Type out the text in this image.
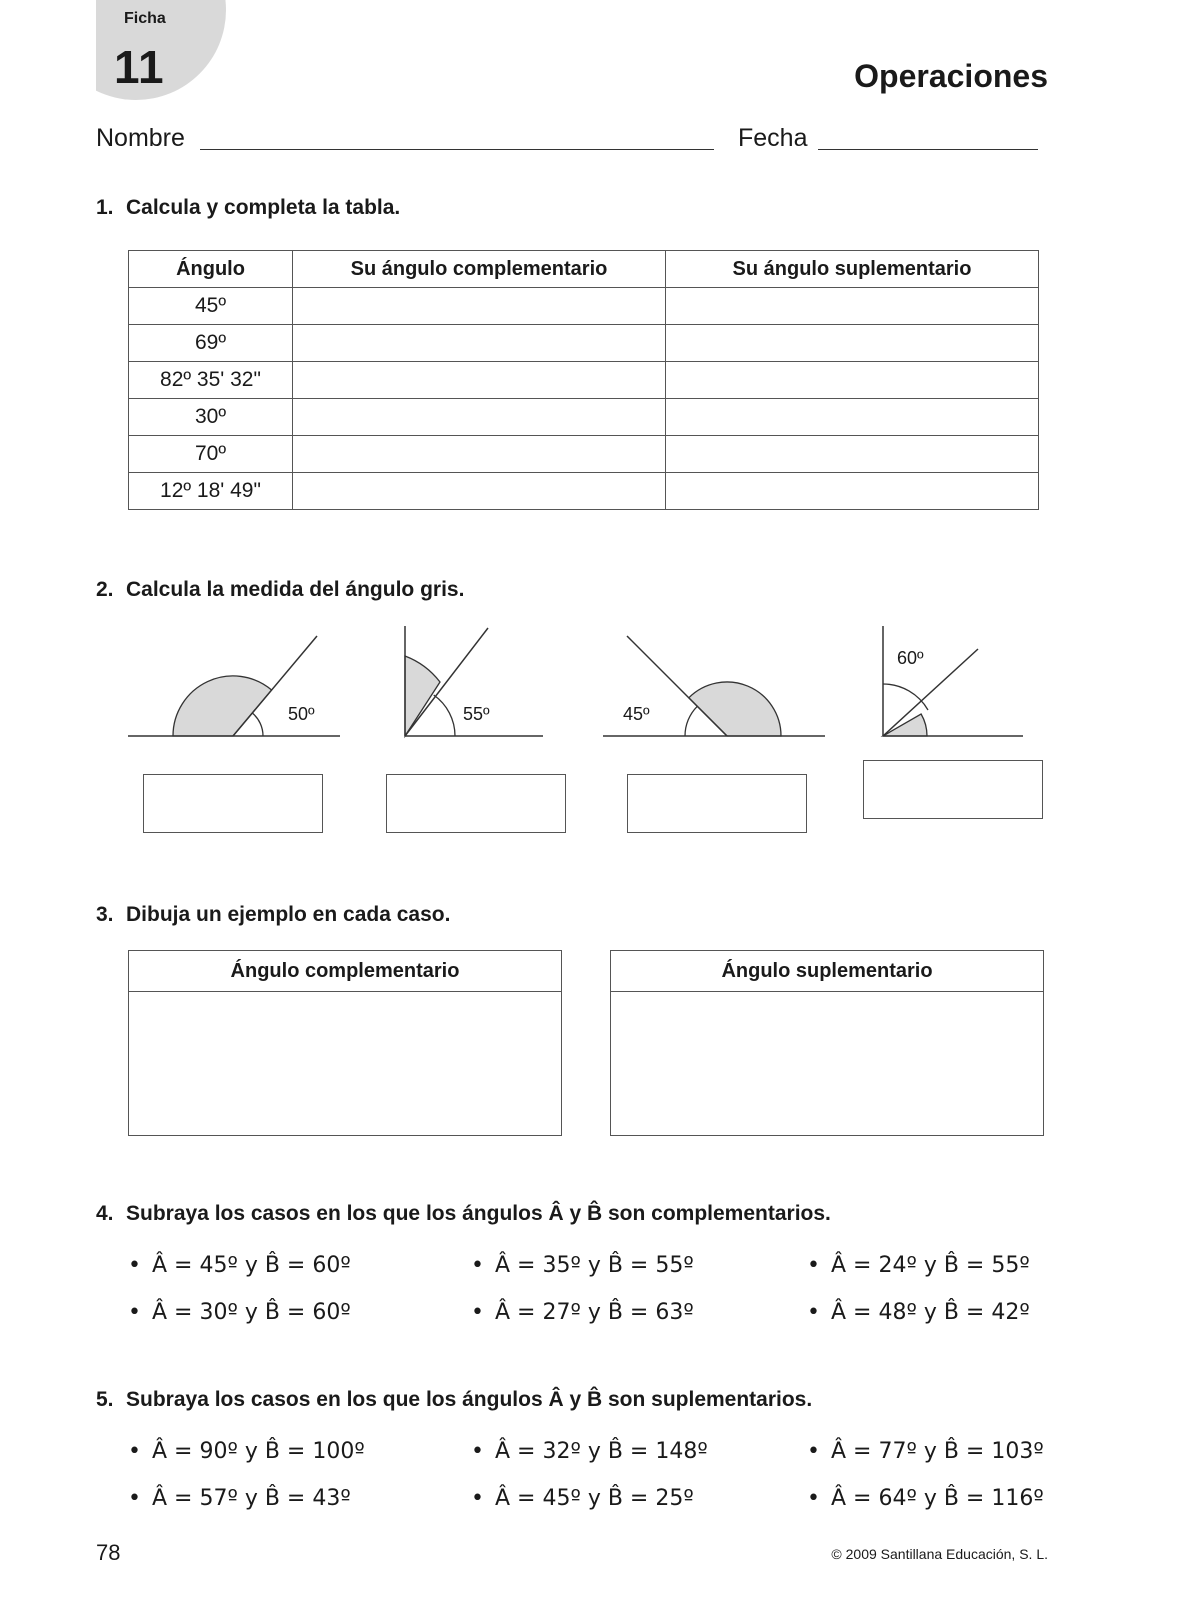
Ficha
11	Operaciones
Nombre	Fecha
1. Calcula y completa la tabla.
Ángulo	Su ángulo complementario	Su ángulo suplementario
45º		
69º		
82º 35' 32"		
30º		
70º		
12º 18' 49"		
2. Calcula la medida del ángulo gris.
50º	55º	45º
60º
3. Dibuja un ejemplo en cada caso.
Ángulo complementario	Ángulo suplementario
4. Subraya los casos en los que los ángulos Â y B̂ son complementarios.
• Â = 45º y B̂ = 60º	• Â = 35º y B̂ = 55º	• Â = 24º y B̂ = 55º
• Â = 30º y B̂ = 60º	• Â = 27º y B̂ = 63º	• Â = 48º y B̂ = 42º
5. Subraya los casos en los que los ángulos Â y B̂ son suplementarios.
• Â = 90º y B̂ = 100º	• Â = 32º y B̂ = 148º	• Â = 77º y B̂ = 103º
• Â = 57º y B̂ = 43º	• Â = 45º y B̂ = 25º	• Â = 64º y B̂ = 116º
78	© 2009 Santillana Educación, S. L.
